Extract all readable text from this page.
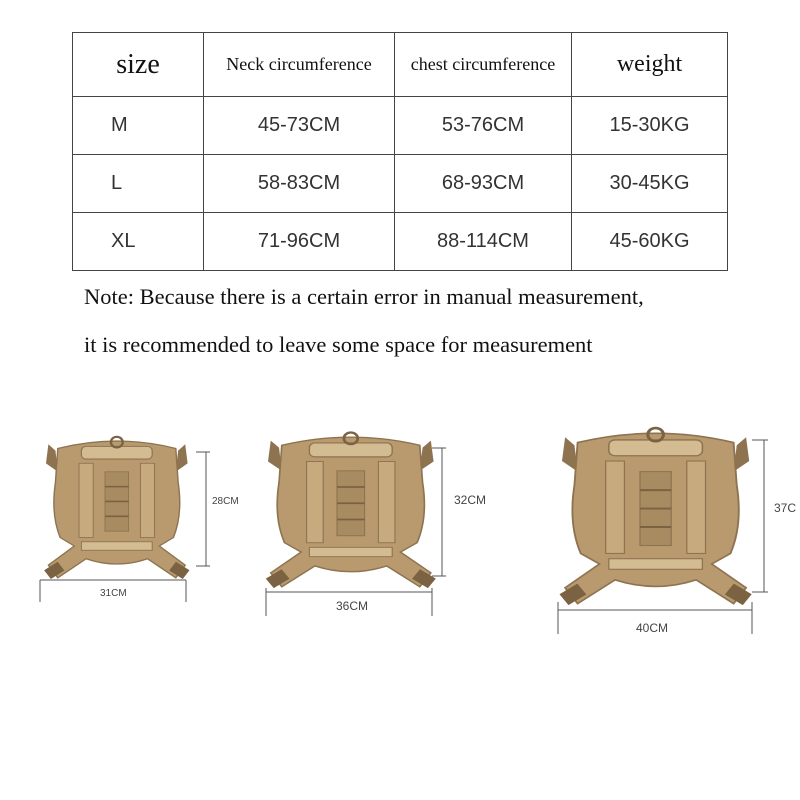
size	Neck circumference	chest circumference	weight
M	45-73CM	53-76CM	15-30KG
L	58-83CM	68-93CM	30-45KG
XL	71-96CM	88-114CM	45-60KG
Note: Because there is a certain error in manual measurement,
it is recommended to leave some space for measurement
28CM
31CM
32CM
36CM
37C
40CM
